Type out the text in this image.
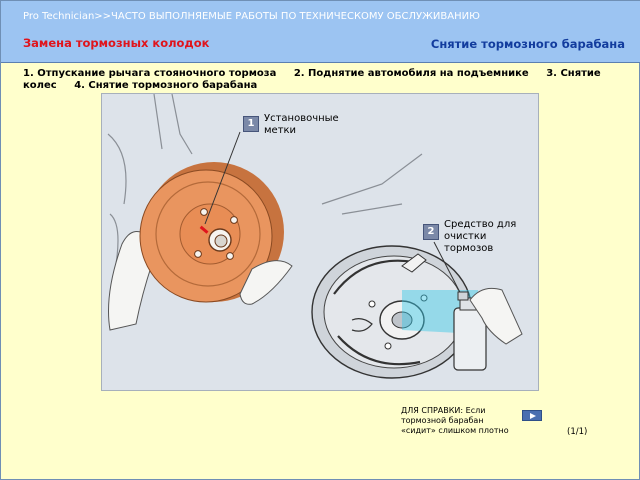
Pro Technician>>ЧАСТО ВЫПОЛНЯЕМЫЕ РАБОТЫ ПО ТЕХНИЧЕСКОМУ ОБСЛУЖИВАНИЮ
Замена тормозных колодок	Снятие тормозного барабана
1. Отпускание рычага стояночного тормоза 2. Поднятие автомобиля на подъемнике 3. Снятие колес 4. Снятие тормозного барабана
1 Установочные метки
2
Средство для очистки тормозов
ДЛЯ СПРАВКИ: Если тормозной барабан «сидит» слишком плотно	(1/1)
